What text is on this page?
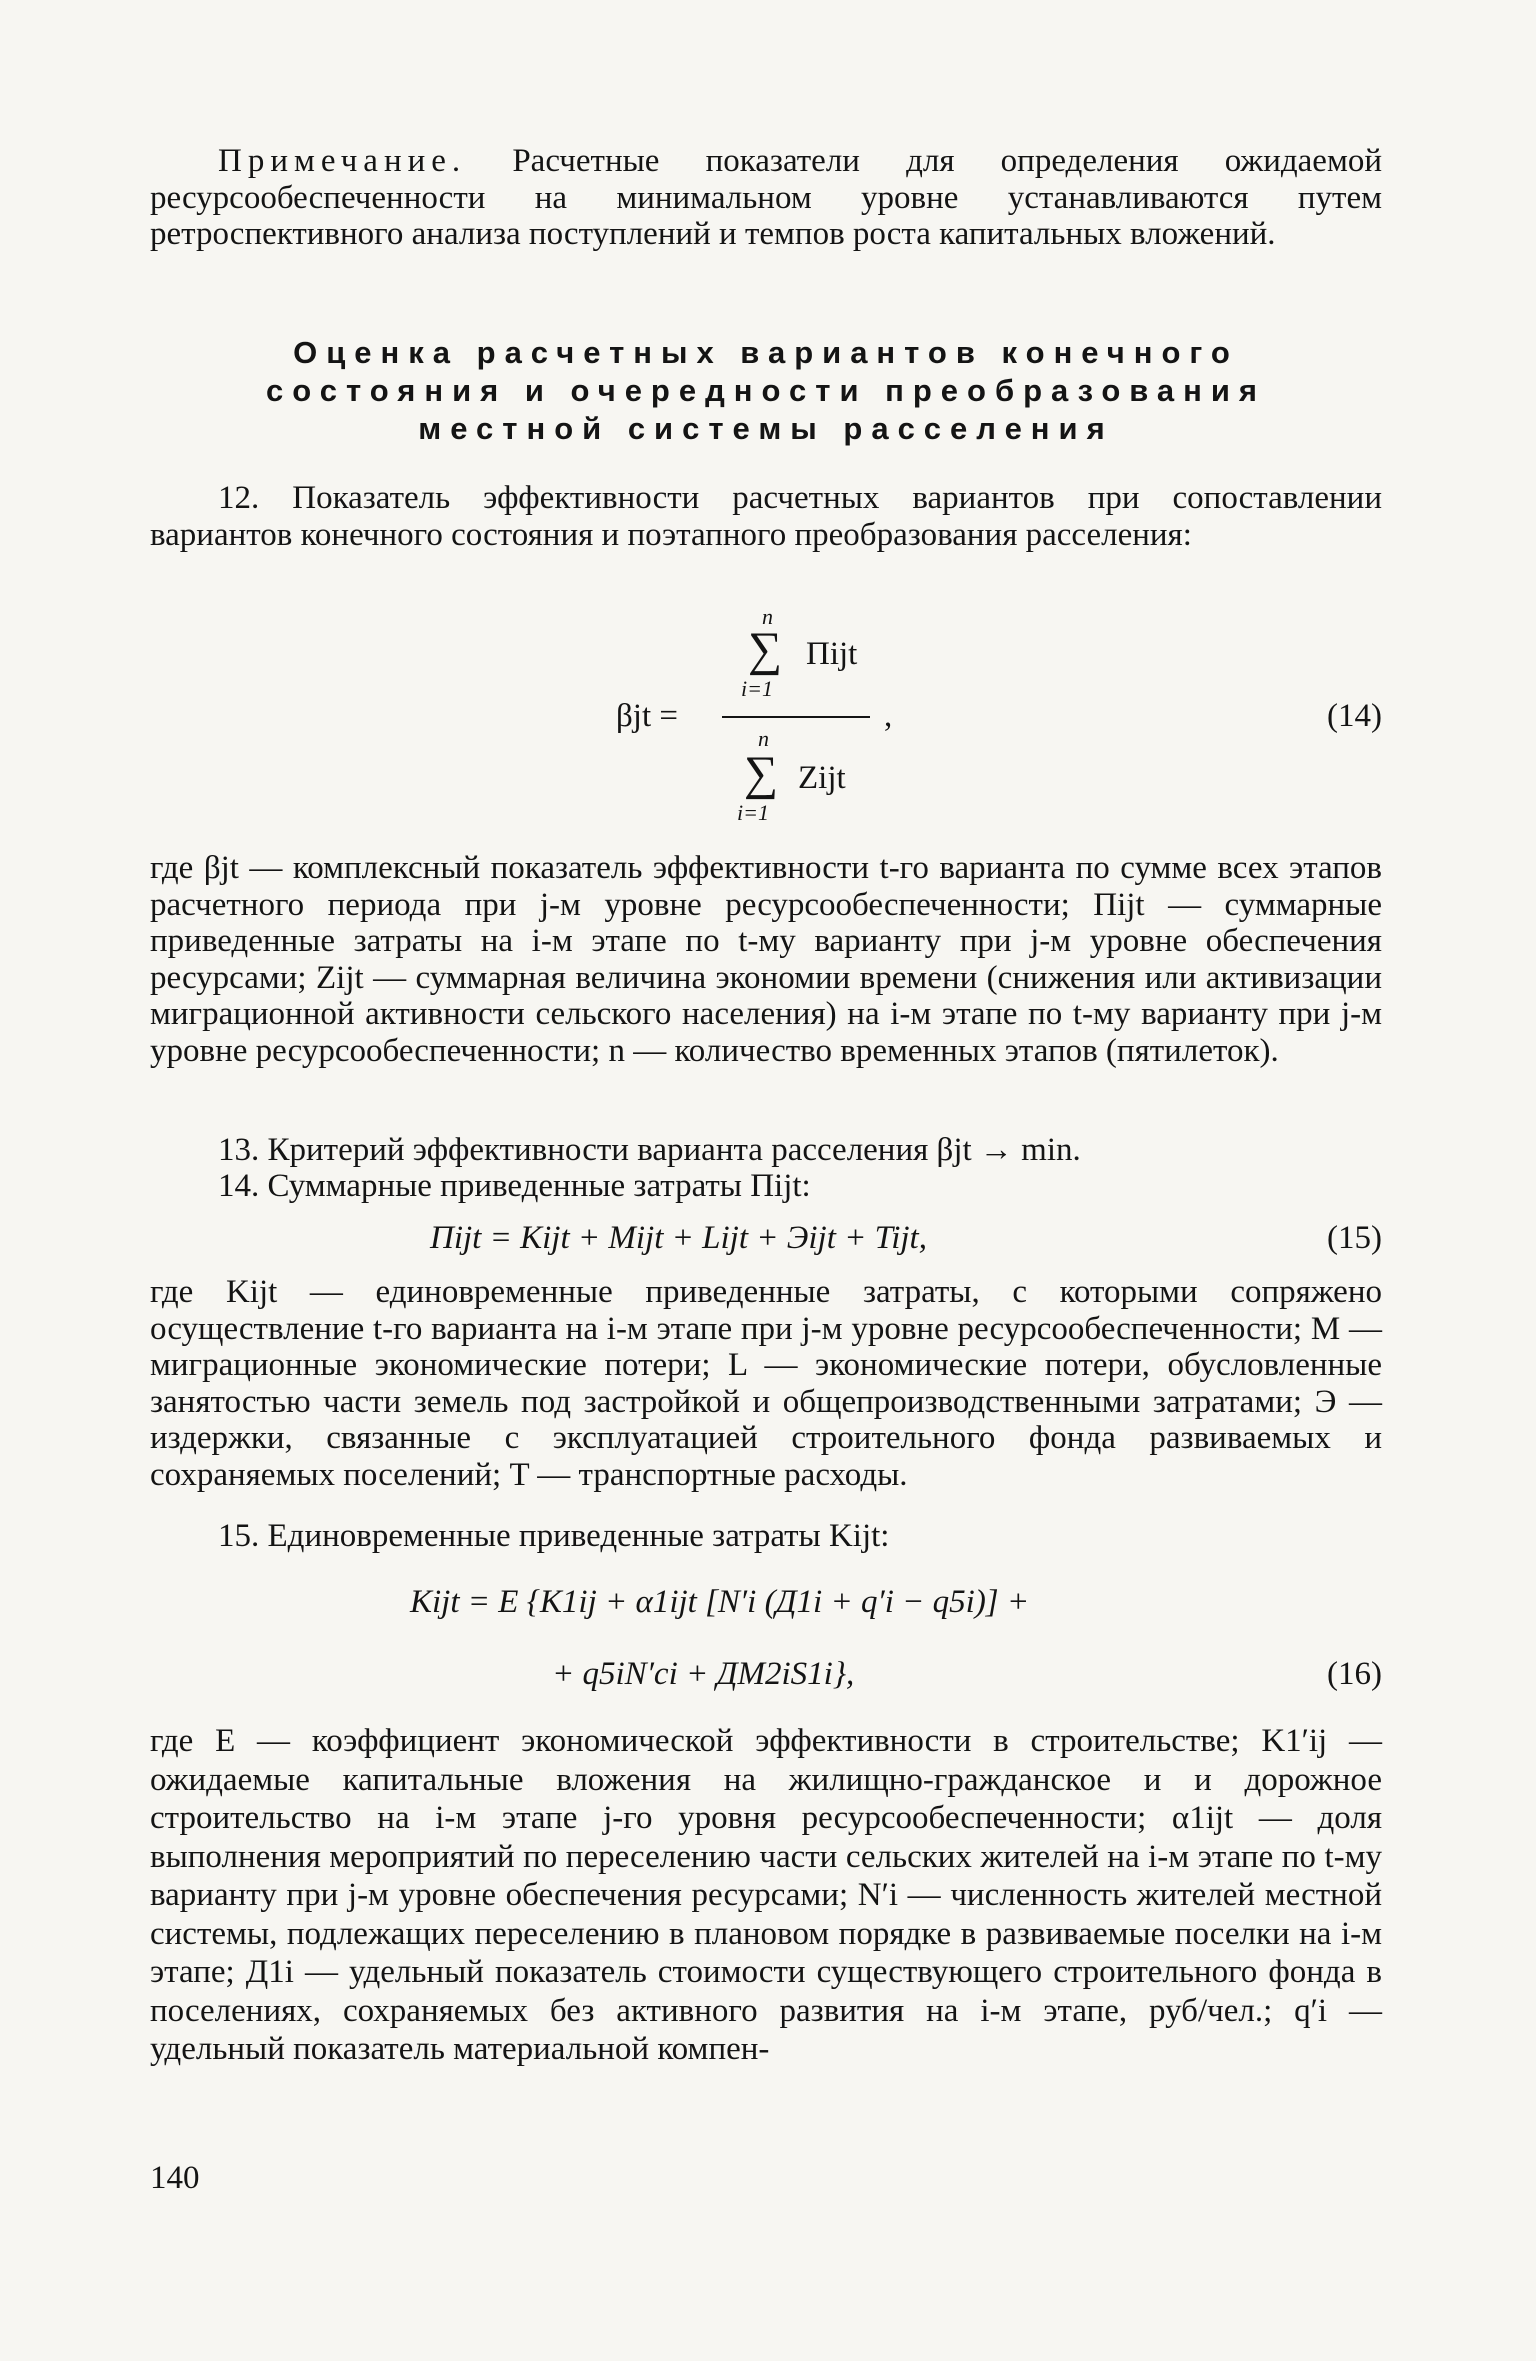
Примечание. Расчетные показатели для определения ожидаемой ресурсообеспеченности на минимальном уровне устанавливаются путем ретроспективного анализа поступлений и темпов роста капитальных вложений.

Оценка расчетных вариантов конечного
состояния и очередности преобразования
местной системы расселения

12. Показатель эффективности расчетных вариантов при сопоставлении вариантов конечного состояния и поэтапного преобразования расселения:

βjt =
n
∑ Пijt
i=1
,
n
∑ Zijt
i=1
(14)

где βjt — комплексный показатель эффективности t-го варианта по сумме всех этапов расчетного периода при j-м уровне ресурсообеспеченности; Пijt — суммарные приведенные затраты на i-м этапе по t-му варианту при j-м уровне обеспечения ресурсами; Zijt — суммарная величина экономии времени (снижения или активизации миграционной активности сельского населения) на i-м этапе по t-му варианту при j-м уровне ресурсообеспеченности; n — количество временных этапов (пятилеток).

13. Критерий эффективности варианта расселения βjt → min.

14. Суммарные приведенные затраты Пijt:

Пijt = Kijt + Mijt + Lijt + Эijt + Tijt,	(15)

где Kijt — единовременные приведенные затраты, с которыми сопряжено осуществление t-го варианта на i-м этапе при j-м уровне ресурсообеспеченности; M — миграционные экономические потери; L — экономические потери, обусловленные занятостью части земель под застройкой и общепроизводственными затратами; Э — издержки, связанные с эксплуатацией строительного фонда развиваемых и сохраняемых поселений; T — транспортные расходы.

15. Единовременные приведенные затраты Kijt:

Kijt = E {K1ij + α1ijt [N′i (Д1i + q′i − q5i)] +
+ q5iN′ci + ДМ2iS1i},	(16)

где E — коэффициент экономической эффективности в строительстве; K1′ij — ожидаемые капитальные вложения на жилищно-гражданское и и дорожное строительство на i-м этапе j-го уровня ресурсообеспеченности; α1ijt — доля выполнения мероприятий по переселению части сельских жителей на i-м этапе по t-му варианту при j-м уровне обеспечения ресурсами; N′i — численность жителей местной системы, подлежащих переселению в плановом порядке в развиваемые поселки на i-м этапе; Д1i — удельный показатель стоимости существующего строительного фонда в поселениях, сохраняемых без активного развития на i-м этапе, руб/чел.; q′i — удельный показатель материальной компен-

140
